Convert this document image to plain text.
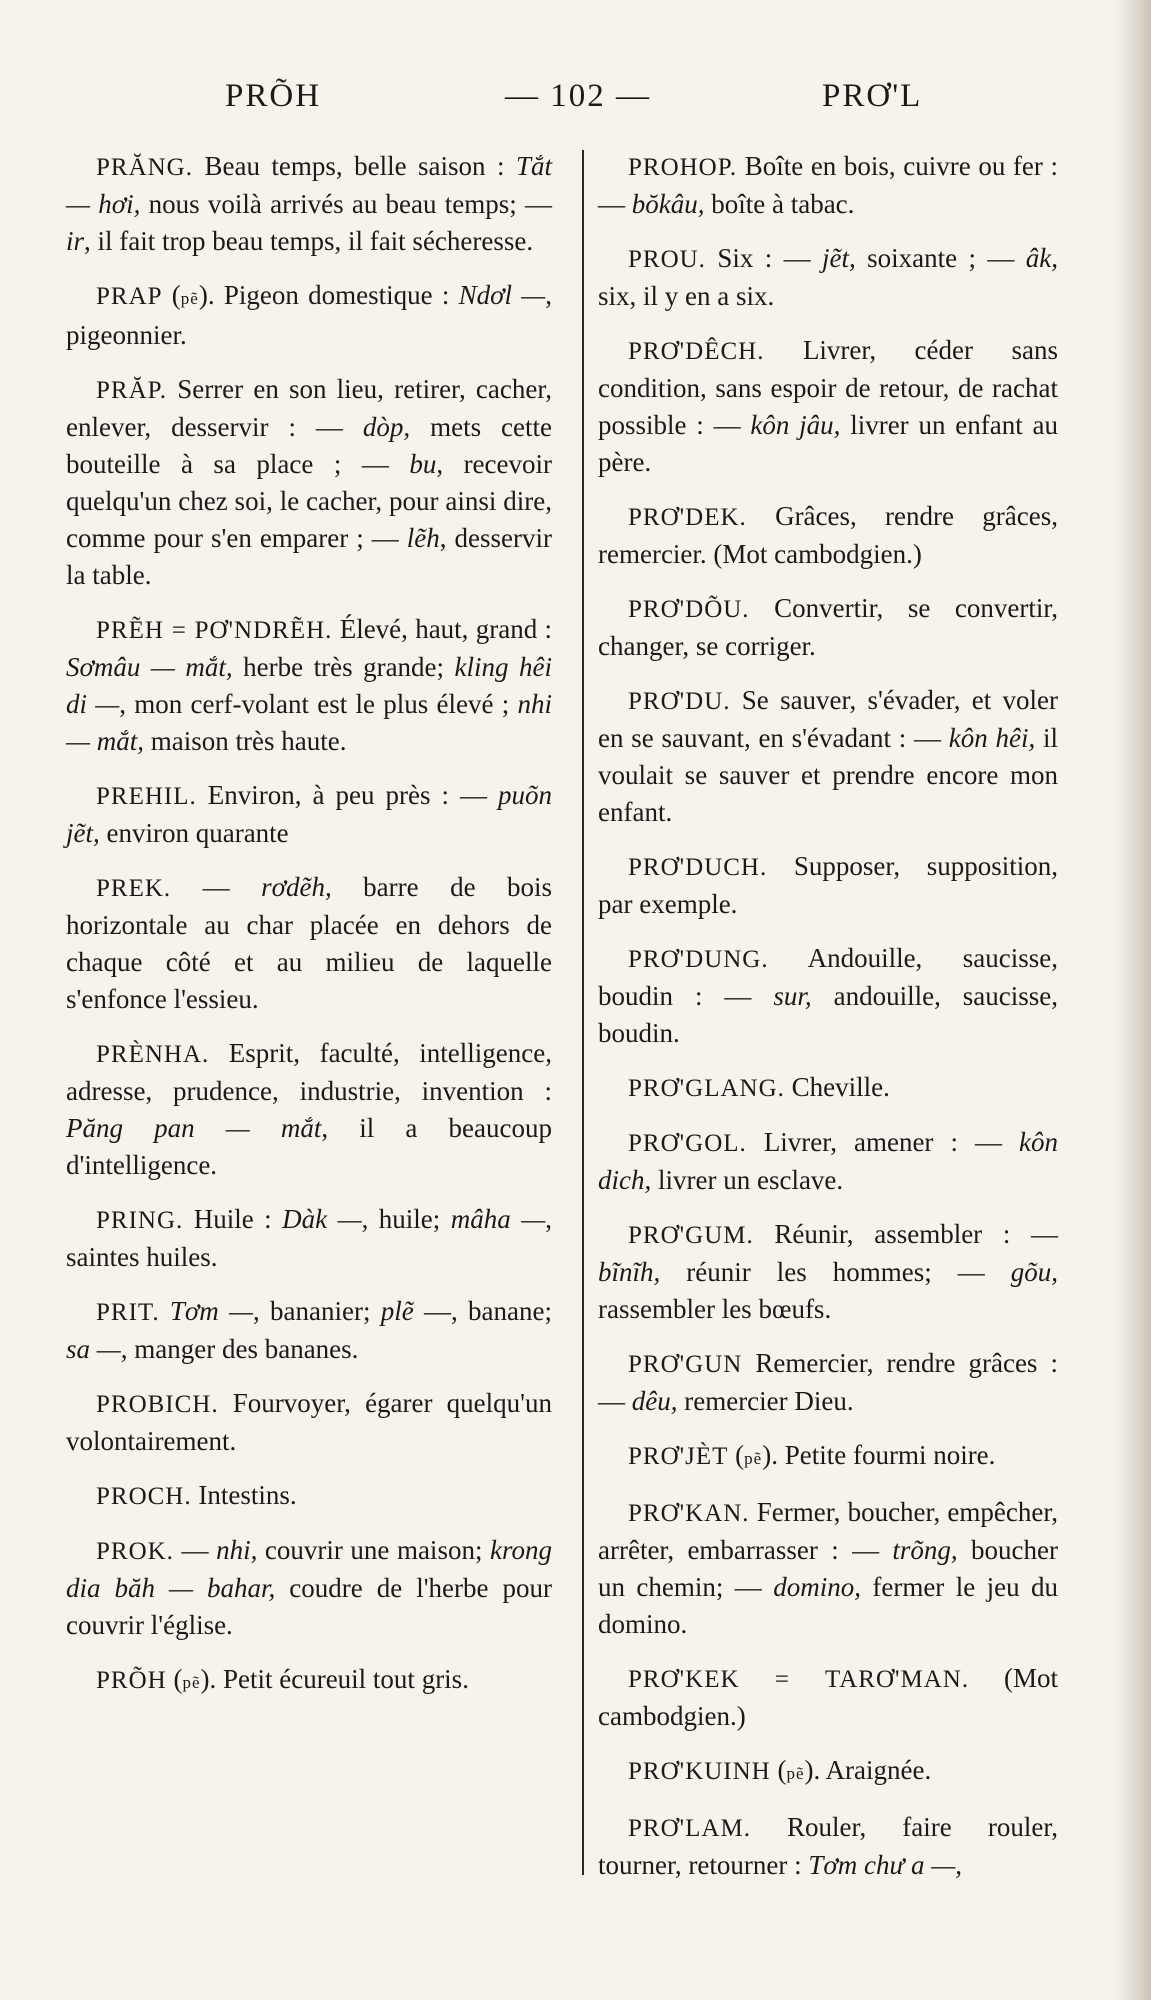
PRÕH	— 102 —	PRƠ'L

PRĂNG. Beau temps, belle saison : Tắt — hơi, nous voilà arrivés au beau temps; — ir, il fait trop beau temps, il fait sécheresse.

PRAP (pẽ). Pigeon domestique : Ndơl —, pigeonnier.

PRĂP. Serrer en son lieu, retirer, cacher, enlever, desservir : — dòp, mets cette bouteille à sa place ; — bu, recevoir quelqu'un chez soi, le cacher, pour ainsi dire, comme pour s'en emparer ; — lẽh, desservir la table.

PRẼH = PƠ'NDRẼH. Élevé, haut, grand : Sơmâu — mắt, herbe très grande; kling hêi di —, mon cerf-volant est le plus élevé ; nhi — mắt, maison très haute.

PREHIL. Environ, à peu près : — puõn jẽt, environ quarante

PREK. — rơdẽh, barre de bois horizontale au char placée en dehors de chaque côté et au milieu de laquelle s'enfonce l'essieu.

PRÈNHA. Esprit, faculté, intelligence, adresse, prudence, industrie, invention : Păng pan — mắt, il a beaucoup d'intelligence.

PRING. Huile : Dàk —, huile; mâha —, saintes huiles.

PRIT. Tơm —, bananier; plẽ —, banane; sa —, manger des bananes.

PROBICH. Fourvoyer, égarer quelqu'un volontairement.

PROCH. Intestins.

PROK. — nhi, couvrir une maison; krong dia băh — bahar, coudre de l'herbe pour couvrir l'église.

PRÕH (pẽ). Petit écureuil tout gris.

PROHOP. Boîte en bois, cuivre ou fer : — bŏkâu, boîte à tabac.

PROU. Six : — jẽt, soixante ; — âk, six, il y en a six.

PRƠ'DÊCH. Livrer, céder sans condition, sans espoir de retour, de rachat possible : — kôn jâu, livrer un enfant au père.

PRƠ'DEK. Grâces, rendre grâces, remercier. (Mot cambodgien.)

PRƠ'DÕU. Convertir, se convertir, changer, se corriger.

PRƠ'DU. Se sauver, s'évader, et voler en se sauvant, en s'évadant : — kôn hêi, il voulait se sauver et prendre encore mon enfant.

PRƠ'DUCH. Supposer, supposition, par exemple.

PRƠ'DUNG. Andouille, saucisse, boudin : — sur, andouille, saucisse, boudin.

PRƠ'GLANG. Cheville.

PRƠ'GOL. Livrer, amener : — kôn dich, livrer un esclave.

PRƠ'GUM. Réunir, assembler : — bĩnĩh, réunir les hommes; — gõu, rassembler les bœufs.

PRƠ'GUN Remercier, rendre grâces : — dêu, remercier Dieu.

PRƠ'JÈT (pẽ). Petite fourmi noire.

PRƠ'KAN. Fermer, boucher, empêcher, arrêter, embarrasser : — trõng, boucher un chemin; — domino, fermer le jeu du domino.

PRƠ'KEK = TARƠ'MAN. (Mot cambodgien.)

PRƠ'KUINH (pẽ). Araignée.

PRƠ'LAM. Rouler, faire rouler, tourner, retourner : Tơm chư a —,
